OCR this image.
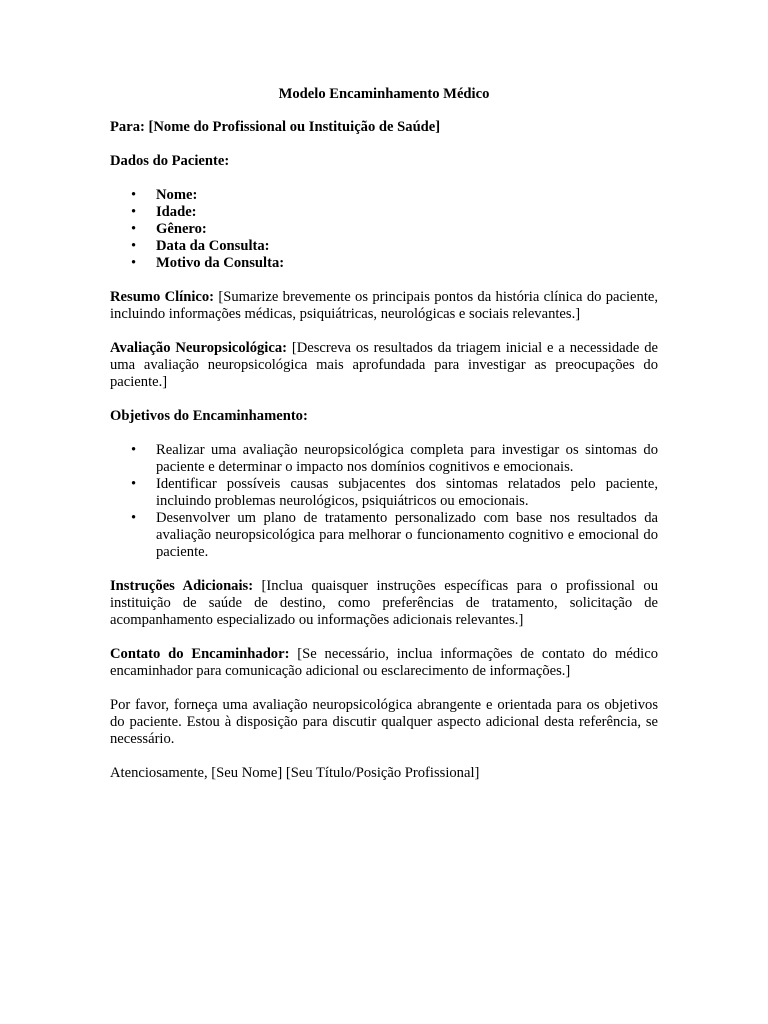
Modelo Encaminhamento Médico
Para: [Nome do Profissional ou Instituição de Saúde]
Dados do Paciente:
• Nome:
• Idade:
• Gênero:
• Data da Consulta:
• Motivo da Consulta:
Resumo Clínico: [Sumarize brevemente os principais pontos da história clínica do paciente, incluindo informações médicas, psiquiátricas, neurológicas e sociais relevantes.]
Avaliação Neuropsicológica: [Descreva os resultados da triagem inicial e a necessidade de uma avaliação neuropsicológica mais aprofundada para investigar as preocupações do paciente.]
Objetivos do Encaminhamento:
• Realizar uma avaliação neuropsicológica completa para investigar os sintomas do paciente e determinar o impacto nos domínios cognitivos e emocionais.
• Identificar possíveis causas subjacentes dos sintomas relatados pelo paciente, incluindo problemas neurológicos, psiquiátricos ou emocionais.
• Desenvolver um plano de tratamento personalizado com base nos resultados da avaliação neuropsicológica para melhorar o funcionamento cognitivo e emocional do paciente.
Instruções Adicionais: [Inclua quaisquer instruções específicas para o profissional ou instituição de saúde de destino, como preferências de tratamento, solicitação de acompanhamento especializado ou informações adicionais relevantes.]
Contato do Encaminhador: [Se necessário, inclua informações de contato do médico encaminhador para comunicação adicional ou esclarecimento de informações.]
Por favor, forneça uma avaliação neuropsicológica abrangente e orientada para os objetivos do paciente. Estou à disposição para discutir qualquer aspecto adicional desta referência, se necessário.
Atenciosamente, [Seu Nome] [Seu Título/Posição Profissional]
